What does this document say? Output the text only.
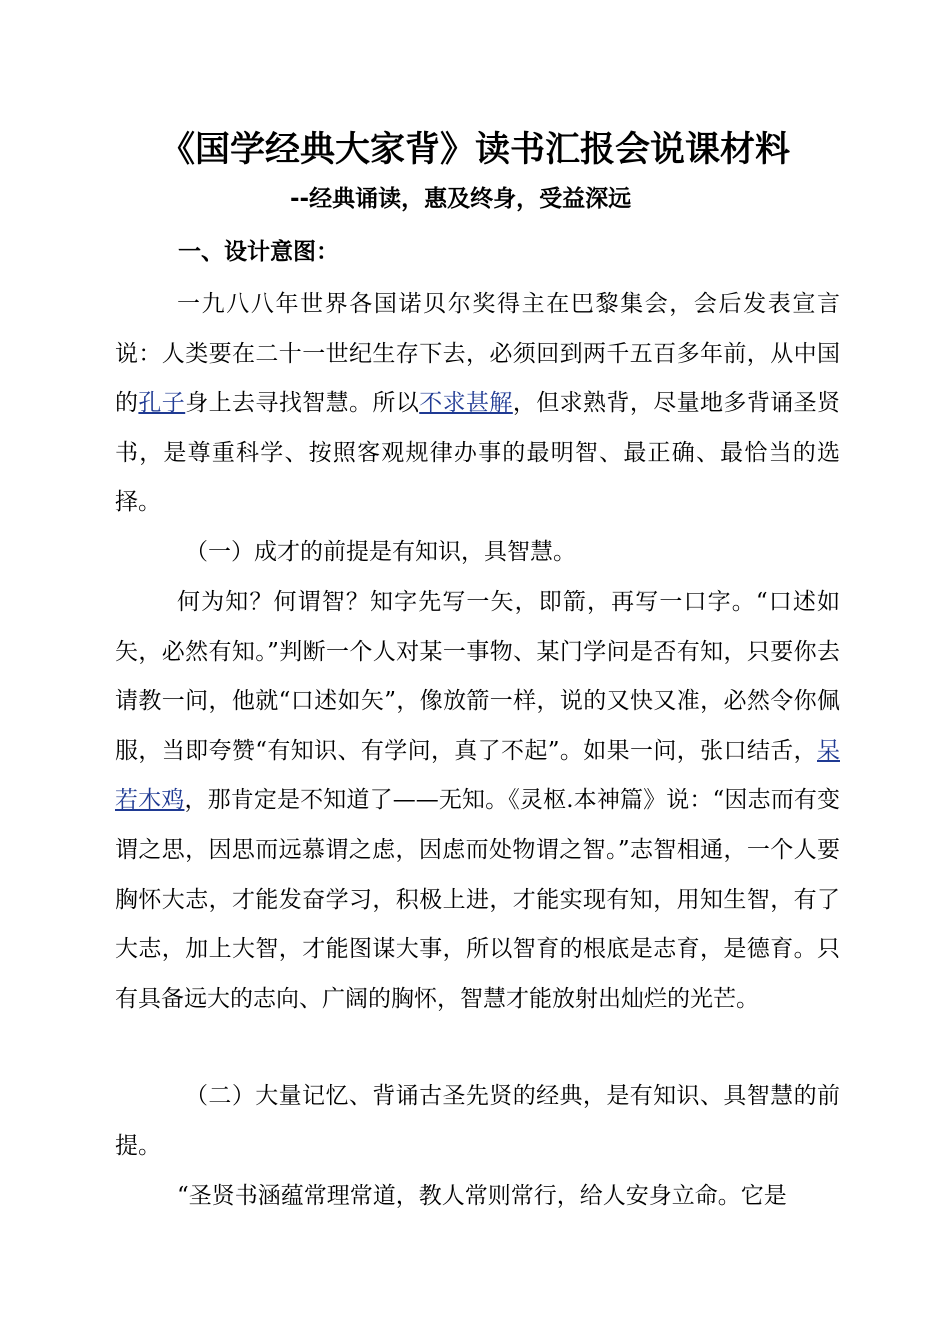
《国学经典大家背》读书汇报会说课材料
--经典诵读，惠及终身，受益深远
一、设计意图：

一九八八年世界各国诺贝尔奖得主在巴黎集会，会后发表宣言说：人类要在二十一世纪生存下去，必须回到两千五百多年前，从中国的孔子身上去寻找智慧。所以不求甚解，但求熟背，尽量地多背诵圣贤书，是尊重科学、按照客观规律办事的最明智、最正确、最恰当的选择。

（一）成才的前提是有知识，具智慧。

何为知？何谓智？知字先写一矢，即箭，再写一口字。“口述如矢，必然有知。”判断一个人对某一事物、某门学问是否有知，只要你去请教一问，他就“口述如矢”，像放箭一样，说的又快又准，必然令你佩服，当即夸赞“有知识、有学问，真了不起”。如果一问，张口结舌，呆若木鸡，那肯定是不知道了——无知。《灵枢.本神篇》说：“因志而有变谓之思，因思而远慕谓之虑，因虑而处物谓之智。”志智相通，一个人要胸怀大志，才能发奋学习，积极上进，才能实现有知，用知生智，有了大志，加上大智，才能图谋大事，所以智育的根底是志育，是德育。只有具备远大的志向、广阔的胸怀，智慧才能放射出灿烂的光芒。

（二）大量记忆、背诵古圣先贤的经典，是有知识、具智慧的前提。

“圣贤书涵蕴常理常道，教人常则常行，给人安身立命。它是
